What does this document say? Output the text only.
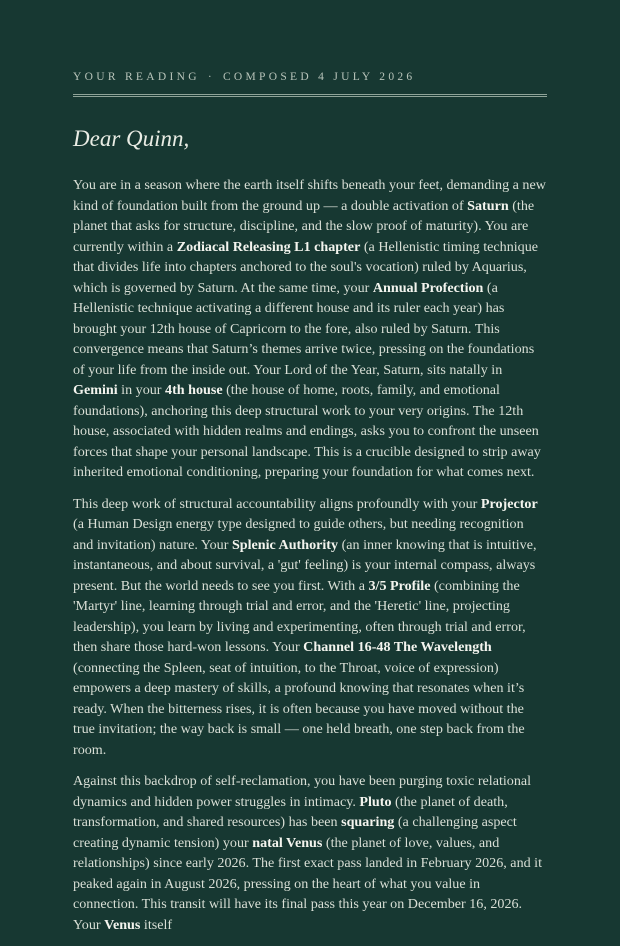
YOUR READING · COMPOSED 4 JULY 2026
Dear Quinn,

You are in a season where the earth itself shifts beneath your feet, demanding a new kind of foundation built from the ground up — a double activation of Saturn (the planet that asks for structure, discipline, and the slow proof of maturity). You are currently within a Zodiacal Releasing L1 chapter (a Hellenistic timing technique that divides life into chapters anchored to the soul's vocation) ruled by Aquarius, which is governed by Saturn. At the same time, your Annual Profection (a Hellenistic technique activating a different house and its ruler each year) has brought your 12th house of Capricorn to the fore, also ruled by Saturn. This convergence means that Saturn’s themes arrive twice, pressing on the foundations of your life from the inside out. Your Lord of the Year, Saturn, sits natally in Gemini in your 4th house (the house of home, roots, family, and emotional foundations), anchoring this deep structural work to your very origins. The 12th house, associated with hidden realms and endings, asks you to confront the unseen forces that shape your personal landscape. This is a crucible designed to strip away inherited emotional conditioning, preparing your foundation for what comes next.

This deep work of structural accountability aligns profoundly with your Projector (a Human Design energy type designed to guide others, but needing recognition and invitation) nature. Your Splenic Authority (an inner knowing that is intuitive, instantaneous, and about survival, a 'gut' feeling) is your internal compass, always present. But the world needs to see you first. With a 3/5 Profile (combining the 'Martyr' line, learning through trial and error, and the 'Heretic' line, projecting leadership), you learn by living and experimenting, often through trial and error, then share those hard-won lessons. Your Channel 16-48 The Wavelength (connecting the Spleen, seat of intuition, to the Throat, voice of expression) empowers a deep mastery of skills, a profound knowing that resonates when it’s ready. When the bitterness rises, it is often because you have moved without the true invitation; the way back is small — one held breath, one step back from the room.

Against this backdrop of self-reclamation, you have been purging toxic relational dynamics and hidden power struggles in intimacy. Pluto (the planet of death, transformation, and shared resources) has been squaring (a challenging aspect creating dynamic tension) your natal Venus (the planet of love, values, and relationships) since early 2026. The first exact pass landed in February 2026, and it peaked again in August 2026, pressing on the heart of what you value in connection. This transit will have its final pass this year on December 16, 2026. Your Venus itself
